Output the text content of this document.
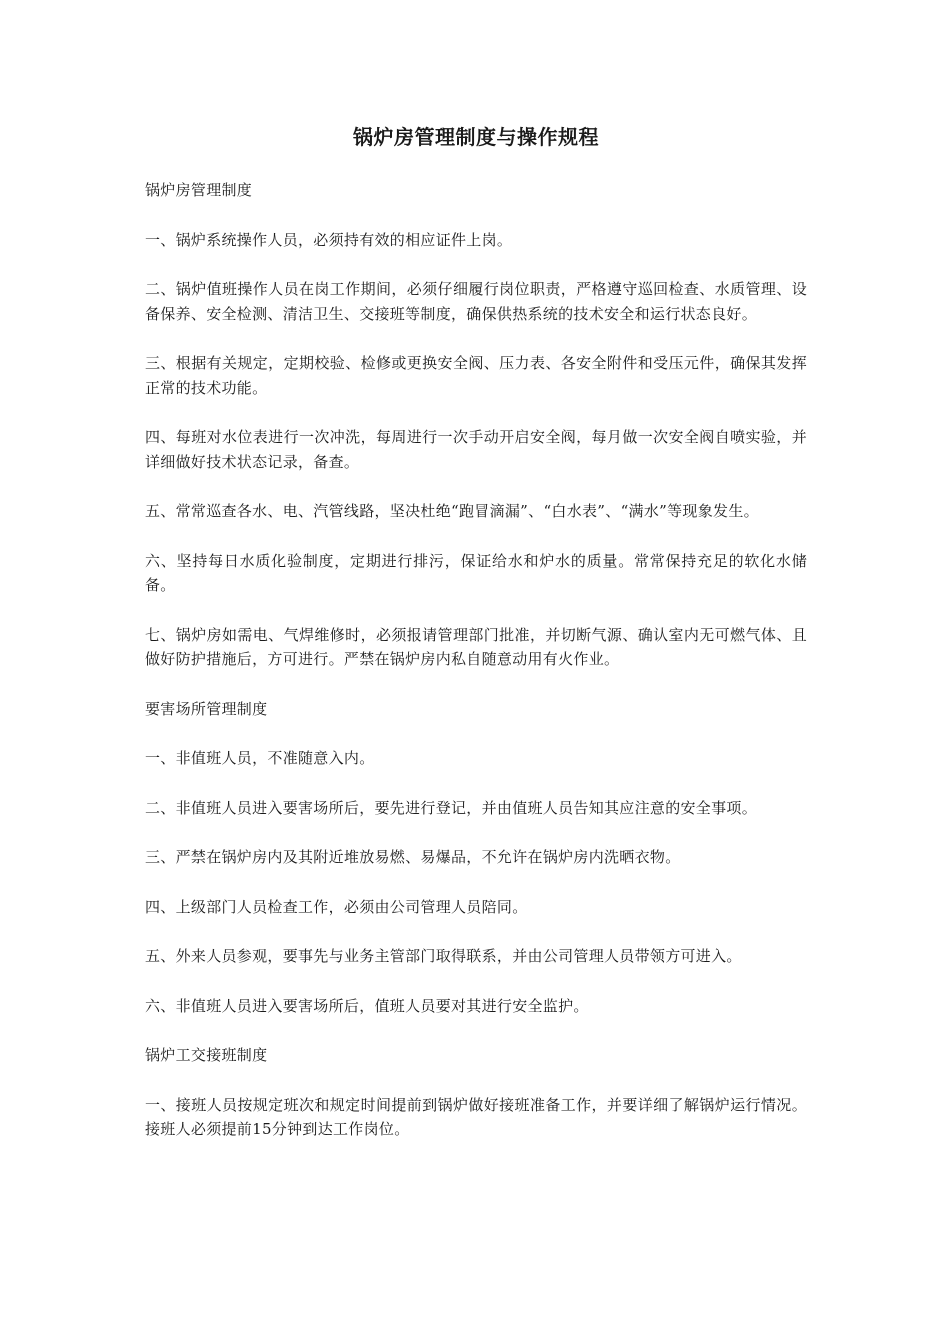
锅炉房管理制度与操作规程

锅炉房管理制度

一、锅炉系统操作人员，必须持有效的相应证件上岗。

二、锅炉值班操作人员在岗工作期间，必须仔细履行岗位职责，严格遵守巡回检查、水质管理、设备保养、安全检测、清洁卫生、交接班等制度，确保供热系统的技术安全和运行状态良好。

三、根据有关规定，定期校验、检修或更换安全阀、压力表、各安全附件和受压元件，确保其发挥正常的技术功能。

四、每班对水位表进行一次冲洗，每周进行一次手动开启安全阀，每月做一次安全阀自喷实验，并详细做好技术状态记录，备查。

五、常常巡查各水、电、汽管线路，坚决杜绝“跑冒滴漏”、“白水表”、“满水”等现象发生。

六、坚持每日水质化验制度，定期进行排污，保证给水和炉水的质量。常常保持充足的软化水储备。

七、锅炉房如需电、气焊维修时，必须报请管理部门批准，并切断气源、确认室内无可燃气体、且做好防护措施后，方可进行。严禁在锅炉房内私自随意动用有火作业。

要害场所管理制度

一、非值班人员，不准随意入内。

二、非值班人员进入要害场所后，要先进行登记，并由值班人员告知其应注意的安全事项。

三、严禁在锅炉房内及其附近堆放易燃、易爆品，不允许在锅炉房内洗晒衣物。

四、上级部门人员检查工作，必须由公司管理人员陪同。

五、外来人员参观，要事先与业务主管部门取得联系，并由公司管理人员带领方可进入。

六、非值班人员进入要害场所后，值班人员要对其进行安全监护。

锅炉工交接班制度

一、接班人员按规定班次和规定时间提前到锅炉做好接班准备工作，并要详细了解锅炉运行情况。接班人必须提前15分钟到达工作岗位。
